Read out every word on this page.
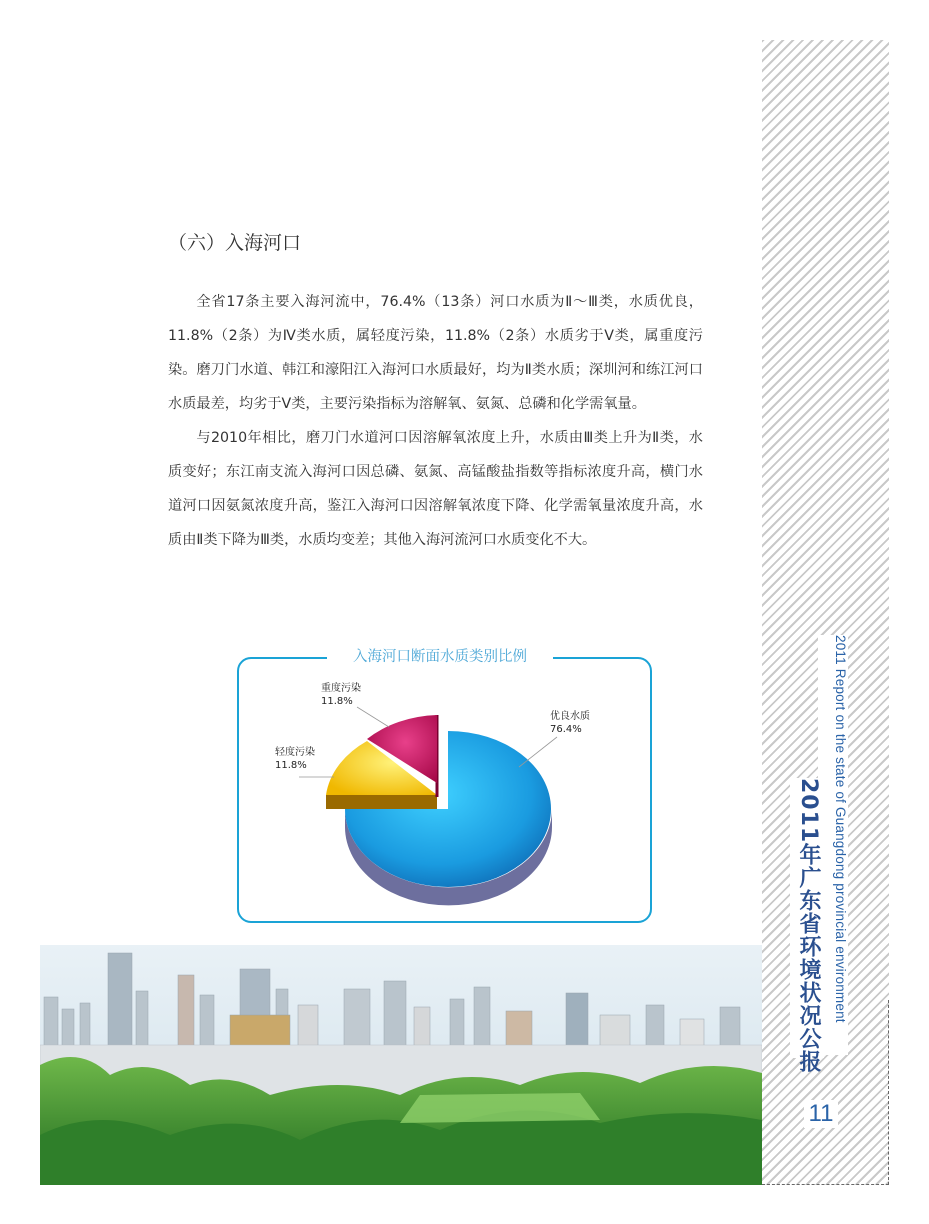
2011 Report on the state of Guangdong provincial environment
2011年广东省环境状况公报
11
（六）入海河口

全省17条主要入海河流中，76.4%（13条）河口水质为Ⅱ～Ⅲ类，水质优良，11.8%（2条）为Ⅳ类水质，属轻度污染，11.8%（2条）水质劣于Ⅴ类，属重度污染。磨刀门水道、韩江和濠阳江入海河口水质最好，均为Ⅱ类水质；深圳河和练江河口水质最差，均劣于Ⅴ类，主要污染指标为溶解氧、氨氮、总磷和化学需氧量。

与2010年相比，磨刀门水道河口因溶解氧浓度上升，水质由Ⅲ类上升为Ⅱ类，水质变好；东江南支流入海河口因总磷、氨氮、高锰酸盐指数等指标浓度升高，横门水道河口因氨氮浓度升高，鉴江入海河口因溶解氧浓度下降、化学需氧量浓度升高，水质由Ⅱ类下降为Ⅲ类，水质均变差；其他入海河流河口水质变化不大。

入海河口断面水质类别比例
优良水质
76.4%
轻度污染
11.8%
重度污染
11.8%
